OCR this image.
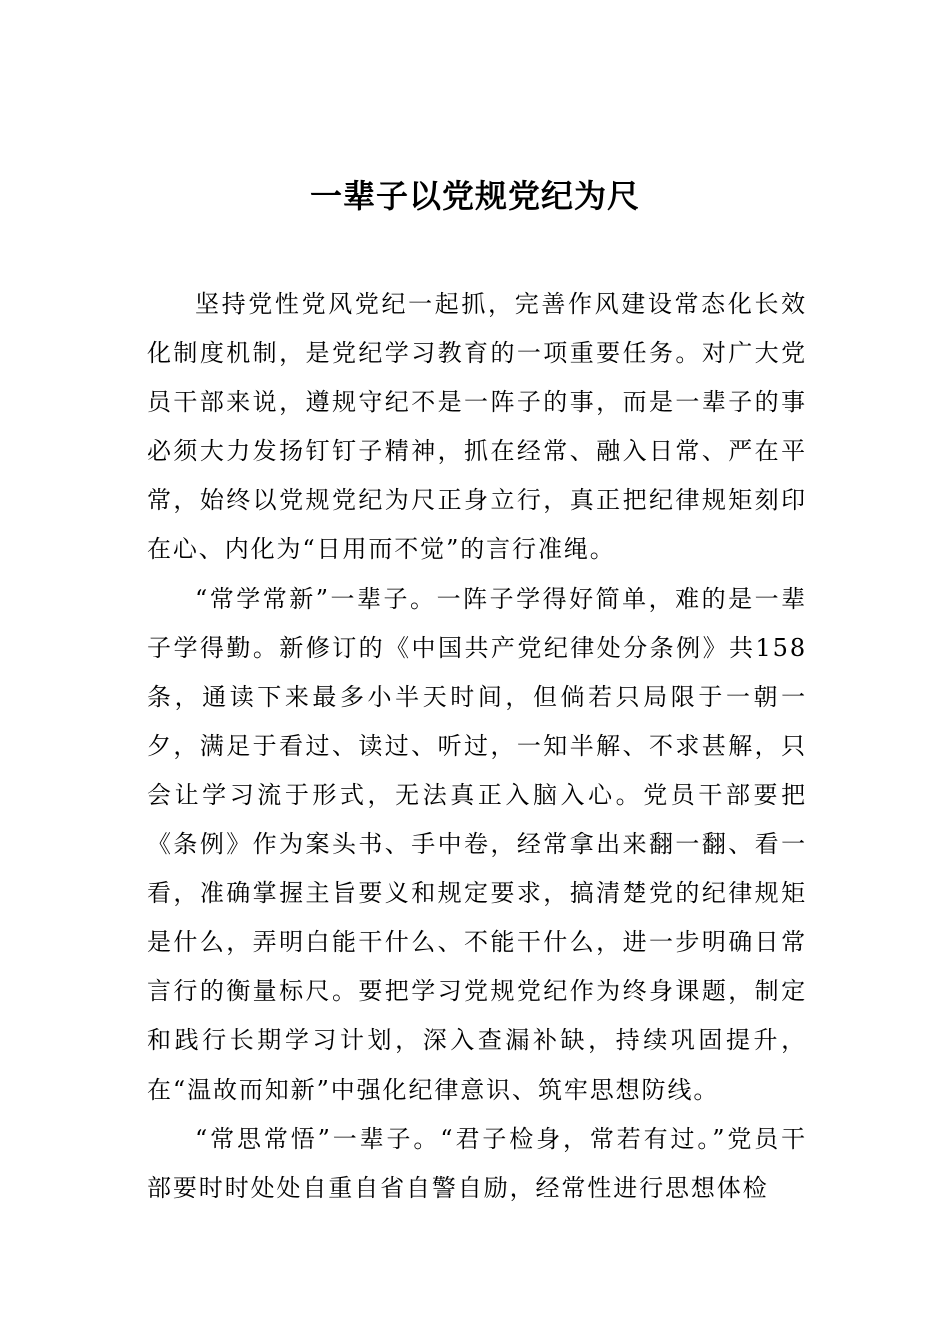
一辈子以党规党纪为尺

坚持党性党风党纪一起抓，完善作风建设常态化长效化制度机制，是党纪学习教育的一项重要任务。对广大党员干部来说，遵规守纪不是一阵子的事，而是一辈子的事必须大力发扬钉钉子精神，抓在经常、融入日常、严在平常，始终以党规党纪为尺正身立行，真正把纪律规矩刻印在心、内化为“日用而不觉”的言行准绳。

“常学常新”一辈子。一阵子学得好简单，难的是一辈子学得勤。新修订的《中国共产党纪律处分条例》共158条，通读下来最多小半天时间，但倘若只局限于一朝一夕，满足于看过、读过、听过，一知半解、不求甚解，只会让学习流于形式，无法真正入脑入心。党员干部要把《条例》作为案头书、手中卷，经常拿出来翻一翻、看一看，准确掌握主旨要义和规定要求，搞清楚党的纪律规矩是什么，弄明白能干什么、不能干什么，进一步明确日常言行的衡量标尺。要把学习党规党纪作为终身课题，制定和践行长期学习计划，深入查漏补缺，持续巩固提升，在“温故而知新”中强化纪律意识、筑牢思想防线。

“常思常悟”一辈子。“君子检身，常若有过。”党员干部要时时处处自重自省自警自励，经常性进行思想体检
